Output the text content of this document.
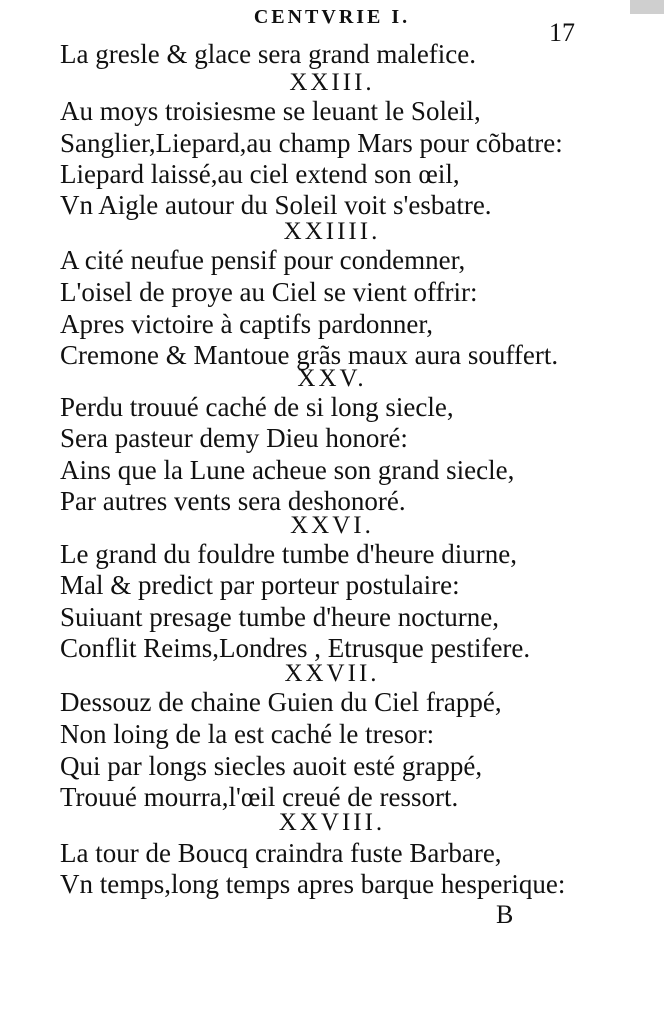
CENTVRIE I.
17
La gresle & glace sera grand malefice.
XXIII.
Au moys troisiesme se leuant le Soleil,
Sanglier,Liepard,au champ Mars pour cõbatre:
Liepard laissé,au ciel extend son œil,
Vn Aigle autour du Soleil voit s'esbatre.
XXIIII.
A cité neufue pensif pour condemner,
L'oisel de proye au Ciel se vient offrir:
Apres victoire à captifs pardonner,
Cremone & Mantoue grãs maux aura souffert.
XXV.
Perdu trouué caché de si long siecle,
Sera pasteur demy Dieu honoré:
Ains que la Lune acheue son grand siecle,
Par autres vents sera deshonoré.
XXVI.
Le grand du fouldre tumbe d'heure diurne,
Mal & predict par porteur postulaire:
Suiuant presage tumbe d'heure nocturne,
Conflit Reims,Londres , Etrusque pestifere.
XXVII.
Dessouz de chaine Guien du Ciel frappé,
Non loing de la est caché le tresor:
Qui par longs siecles auoit esté grappé,
Trouué mourra,l'œil creué de ressort.
XXVIII.
La tour de Boucq craindra fuste Barbare,
Vn temps,long temps apres barque hesperique:
B
